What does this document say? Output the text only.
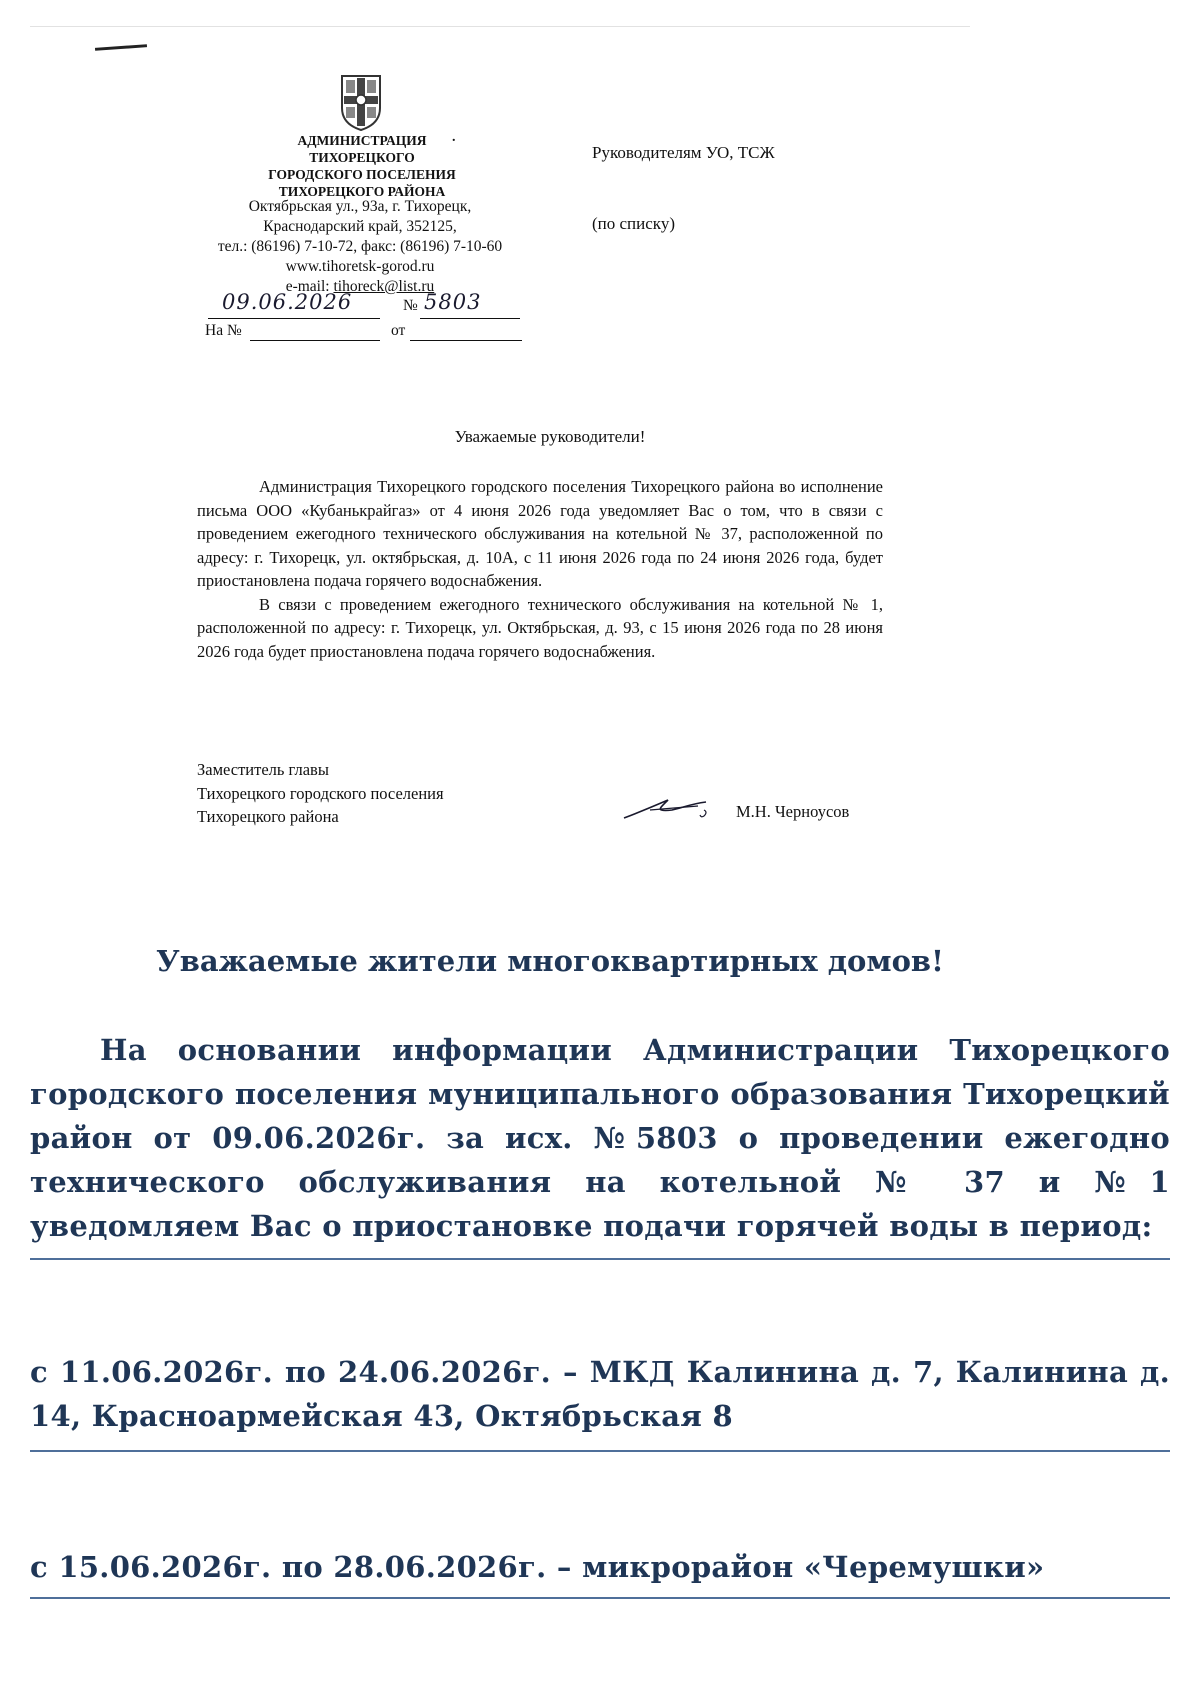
АДМИНИСТРАЦИЯ
ТИХОРЕЦКОГО
ГОРОДСКОГО ПОСЕЛЕНИЯ
ТИХОРЕЦКОГО РАЙОНА
.
Октябрьская ул., 93а, г. Тихорецк,
Краснодарский край, 352125,
тел.: (86196) 7-10-72, факс: (86196) 7-10-60
www.tihoretsk-gorod.ru
e-mail: tihoreck@list.ru
09.06.2026	№ 5803
На №	от
Руководителям УО, ТСЖ
(по списку)
Уважаемые руководители!

Администрация Тихорецкого городского поселения Тихорецкого района во исполнение письма ООО «Кубанькрайгаз» от 4 июня 2026 года уведомляет Вас о том, что в связи с проведением ежегодного технического обслуживания на котельной № 37, расположенной по адресу: г. Тихорецк, ул. октябрьская, д. 10А, с 11 июня 2026 года по 24 июня 2026 года, будет приостановлена подача горячего водоснабжения.

В связи с проведением ежегодного технического обслуживания на котельной № 1, расположенной по адресу: г. Тихорецк, ул. Октябрьская, д. 93, с 15 июня 2026 года по 28 июня 2026 года будет приостановлена подача горячего водоснабжения.

Заместитель главы
Тихорецкого городского поселения
Тихорецкого района	М.Н. Черноусов
Уважаемые жители многоквартирных домов!

На основании информации Администрации Тихорецкого городского поселения муниципального образования Тихорецкий район от 09.06.2026г. за исх. №5803 о проведении ежегодно технического обслуживания на котельной № 37 и №1 уведомляем Вас о приостановке подачи горячей воды в период:

с 11.06.2026г. по 24.06.2026г. – МКД Калинина д. 7, Калинина д. 14, Красноармейская 43, Октябрьская 8
с 15.06.2026г. по 28.06.2026г. – микрорайон «Черемушки»
